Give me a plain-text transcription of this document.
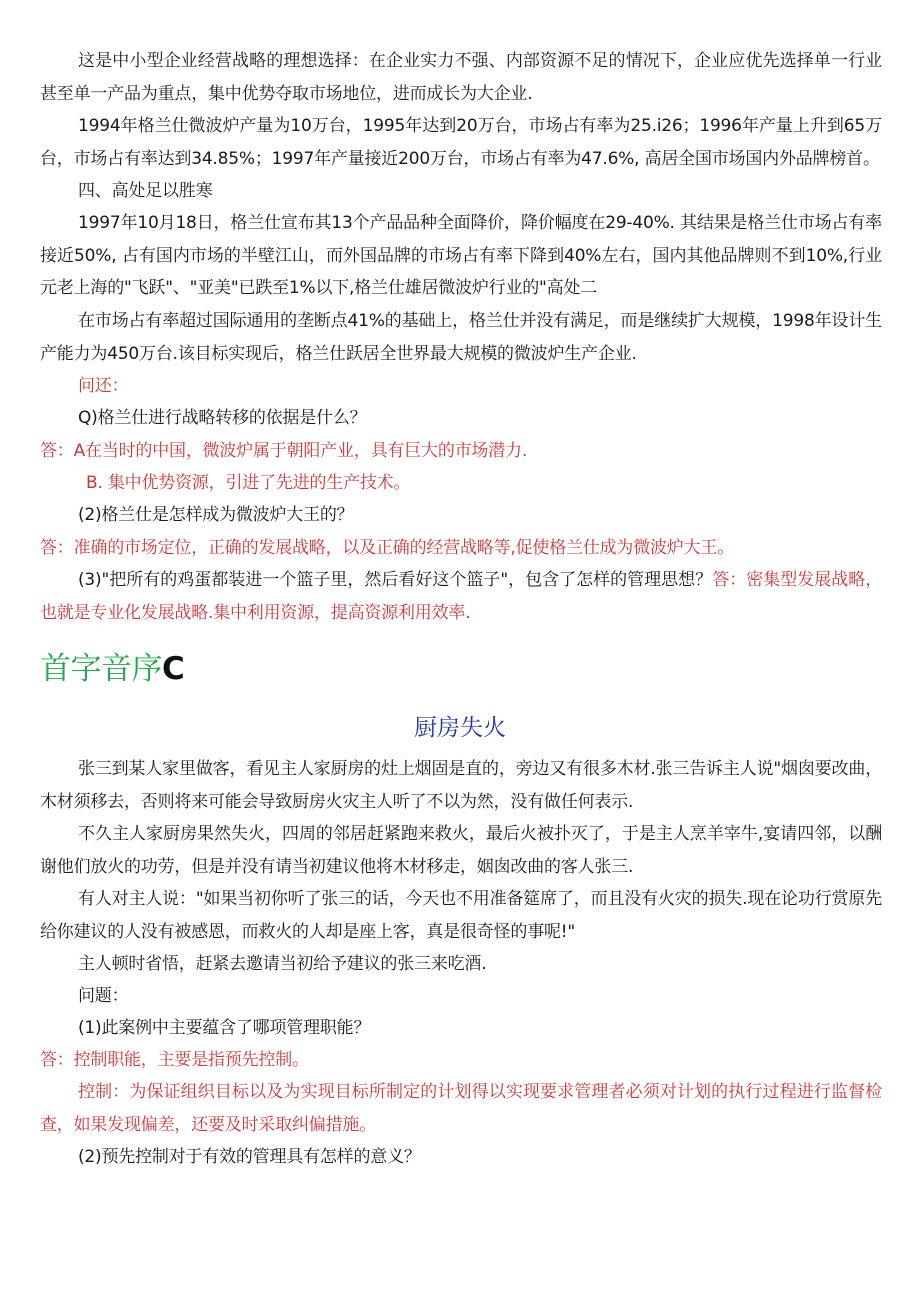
这是中小型企业经营战略的理想选择：在企业实力不强、内部资源不足的情况下，企业应优先选择单一行业甚至单一产品为重点，集中优势夺取市场地位，进而成长为大企业.

1994年格兰仕微波炉产量为10万台，1995年达到20万台，市场占有率为25.i26；1996年产量上升到65万台，市场占有率达到34.85%；1997年产量接近200万台，市场占有率为47.6%, 高居全国市场国内外品牌榜首。

四、高处足以胜寒

1997年10月18日，格兰仕宣布其13个产品品种全面降价，降价幅度在29-40%. 其结果是格兰仕市场占有率接近50%, 占有国内市场的半壁江山，而外国品牌的市场占有率下降到40%左右，国内其他品牌则不到10%,行业元老上海的"飞跃"、"亚美"已跌至1%以下,格兰仕雄居微波炉行业的"高处二

在市场占有率超过国际通用的垄断点41%的基础上，格兰仕并没有满足，而是继续扩大规模，1998年设计生产能力为450万台.该目标实现后，格兰仕跃居全世界最大规模的微波炉生产企业.

问还：

Q)格兰仕进行战略转移的依据是什么？

答：A在当时的中国，微波炉属于朝阳产业，具有巨大的市场潜力.

B. 集中优势资源，引进了先进的生产技术。

(2)格兰仕是怎样成为微波炉大王的？

答：准确的市场定位，正确的发展战略，以及正确的经营战略等,促使格兰仕成为微波炉大王。

(3)"把所有的鸡蛋都装进一个篮子里，然后看好这个篮子"，包含了怎样的管理思想？答：密集型发展战略，也就是专业化发展战略.集中利用资源，提高资源利用效率.

首字音序C
厨房失火

张三到某人家里做客，看见主人家厨房的灶上烟固是直的，旁边又有很多木材.张三告诉主人说"烟囱要改曲，木材须移去，否则将来可能会导致厨房火灾主人听了不以为然，没有做任何表示.

不久主人家厨房果然失火，四周的邻居赶紧跑来救火，最后火被扑灭了，于是主人烹羊宰牛,宴请四邻，以酬谢他们放火的功劳，但是并没有请当初建议他将木材移走，姻囱改曲的客人张三.

有人对主人说："如果当初你听了张三的话，今天也不用准备筵席了，而且没有火灾的损失.现在论功行赏原先给你建议的人没有被感恩，而救火的人却是座上客，真是很奇怪的事呢!"

主人顿时省悟，赶紧去邀请当初给予建议的张三来吃酒.

问题：

(1)此案例中主要蕴含了哪项管理职能？

答：控制职能，主要是指预先控制。

控制：为保证组织目标以及为实现目标所制定的计划得以实现要求管理者必须对计划的执行过程进行监督检查，如果发现偏差，还要及时采取纠偏措施。

(2)预先控制对于有效的管理具有怎样的意义？
